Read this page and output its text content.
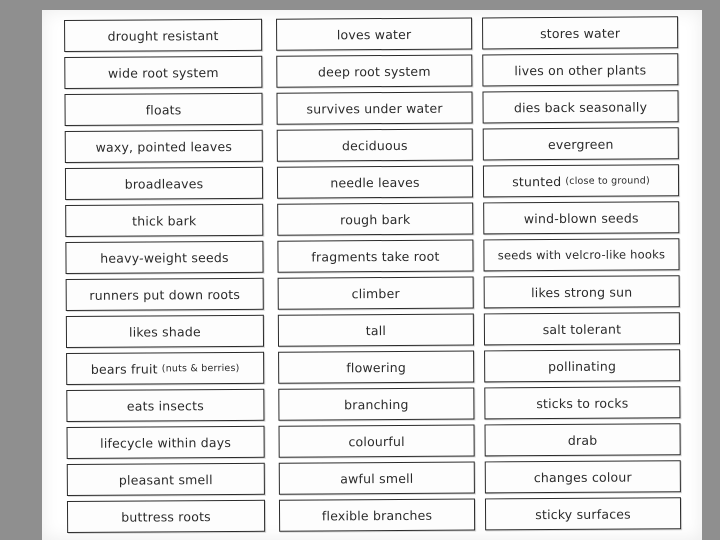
drought resistant	loves water	stores water
wide root system	deep root system	lives on other plants
floats	survives under water	dies back seasonally
waxy, pointed leaves	deciduous	evergreen
broadleaves	needle leaves	stunted (close to ground)
thick bark	rough bark	wind-blown seeds
heavy-weight seeds	fragments take root	seeds with velcro-like hooks
runners put down roots	climber	likes strong sun
likes shade	tall	salt tolerant
bears fruit (nuts & berries)	flowering	pollinating
eats insects	branching	sticks to rocks
lifecycle within days	colourful	drab
pleasant smell	awful smell	changes colour
buttress roots	flexible branches	sticky surfaces
